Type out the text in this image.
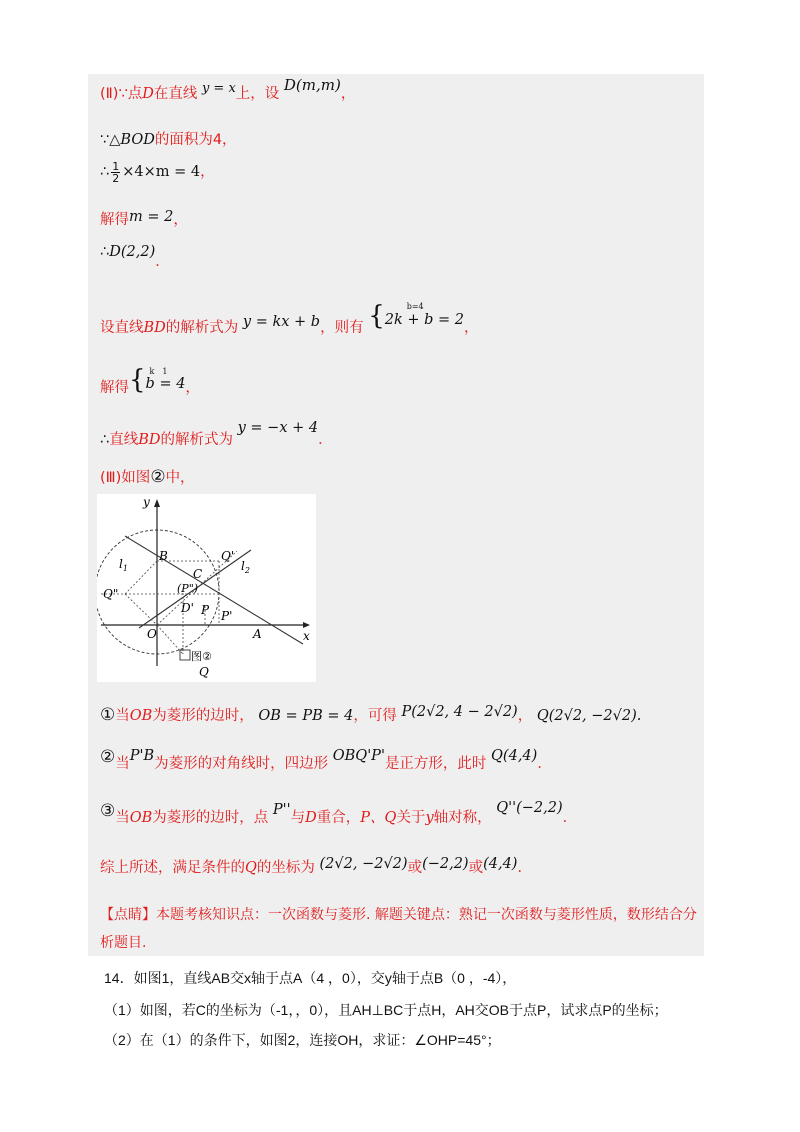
(Ⅱ)∵点D在直线 y = x上，设 D(m,m)，
∵△BOD的面积为4，
∴ $\frac{1}{2} \times 4\times m = 4$，
解得m = 2，
∴D(2,2)．
设直线BD的解析式为 y = kx + b，则有 {	b=4
2k + b = 2，
解得{ k　1
b = 4，
∴直线BD的解析式为 y = −x + 4．
(Ⅲ)如图②中，
y
x
B
O	A
C
$l_1$	$l_2$
Q'
Q"	(P")
D' P P'
Q
图②
①当OB为菱形的边时， OB = PB = 4，可得 P(2√2, 4 − 2√2)， Q(2√2, −2√2).
②当P'B为菱形的对角线时，四边形 OBQ'P'是正方形，此时 Q(4,4)．
③当OB为菱形的边时，点 P''与D重合，P、Q关于y轴对称， Q''(−2,2)．
综上所述，满足条件的Q的坐标为 (2√2, −2√2)或(−2,2)或(4,4)．
【点睛】本题考核知识点：一次函数与菱形. 解题关键点：熟记一次函数与菱形性质，数形结合分
析题目.
14．如图1，直线AB交x轴于点A（4 ，0），交y轴于点B（0 ，-4），
（1）如图，若C的坐标为（-1，，0），且AH⊥BC于点H，AH交OB于点P，试求点P的坐标；
（2）在（1）的条件下，如图2，连接OH，求证：∠OHP=45°；
